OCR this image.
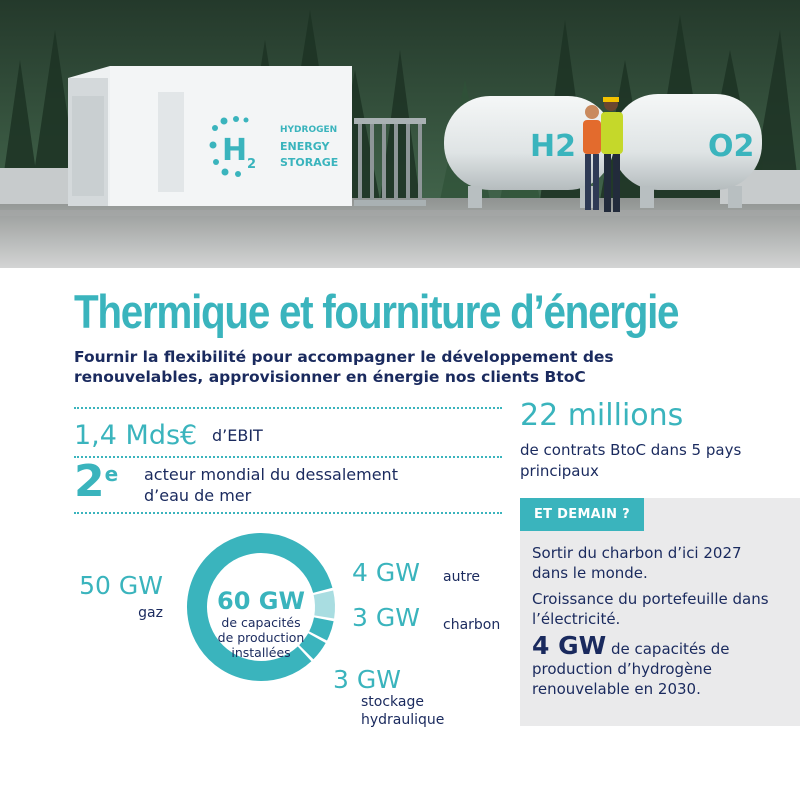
H 2
HYDROGEN
ENERGY
STORAGE	H2	O2
Thermique et fourniture d’énergie
Fournir la flexibilité pour accompagner le développement des renouvelables, approvisionner en énergie nos clients BtoC
1,4 Mds€ d’EBIT
2e acteur mondial du dessalement d’eau de mer
22 millions
de contrats BtoC dans 5 pays principaux
ET DEMAIN ?
Sortir du charbon d’ici 2027 dans le monde.
Croissance du portefeuille dans l’électricité.
4 GW de capacités de production d’hydrogène renouvelable en 2030.
60 GW
de capacités
de production
installées
50 GW
gaz
4 GW autre
3 GW charbon
3 GW
stockage
hydraulique
